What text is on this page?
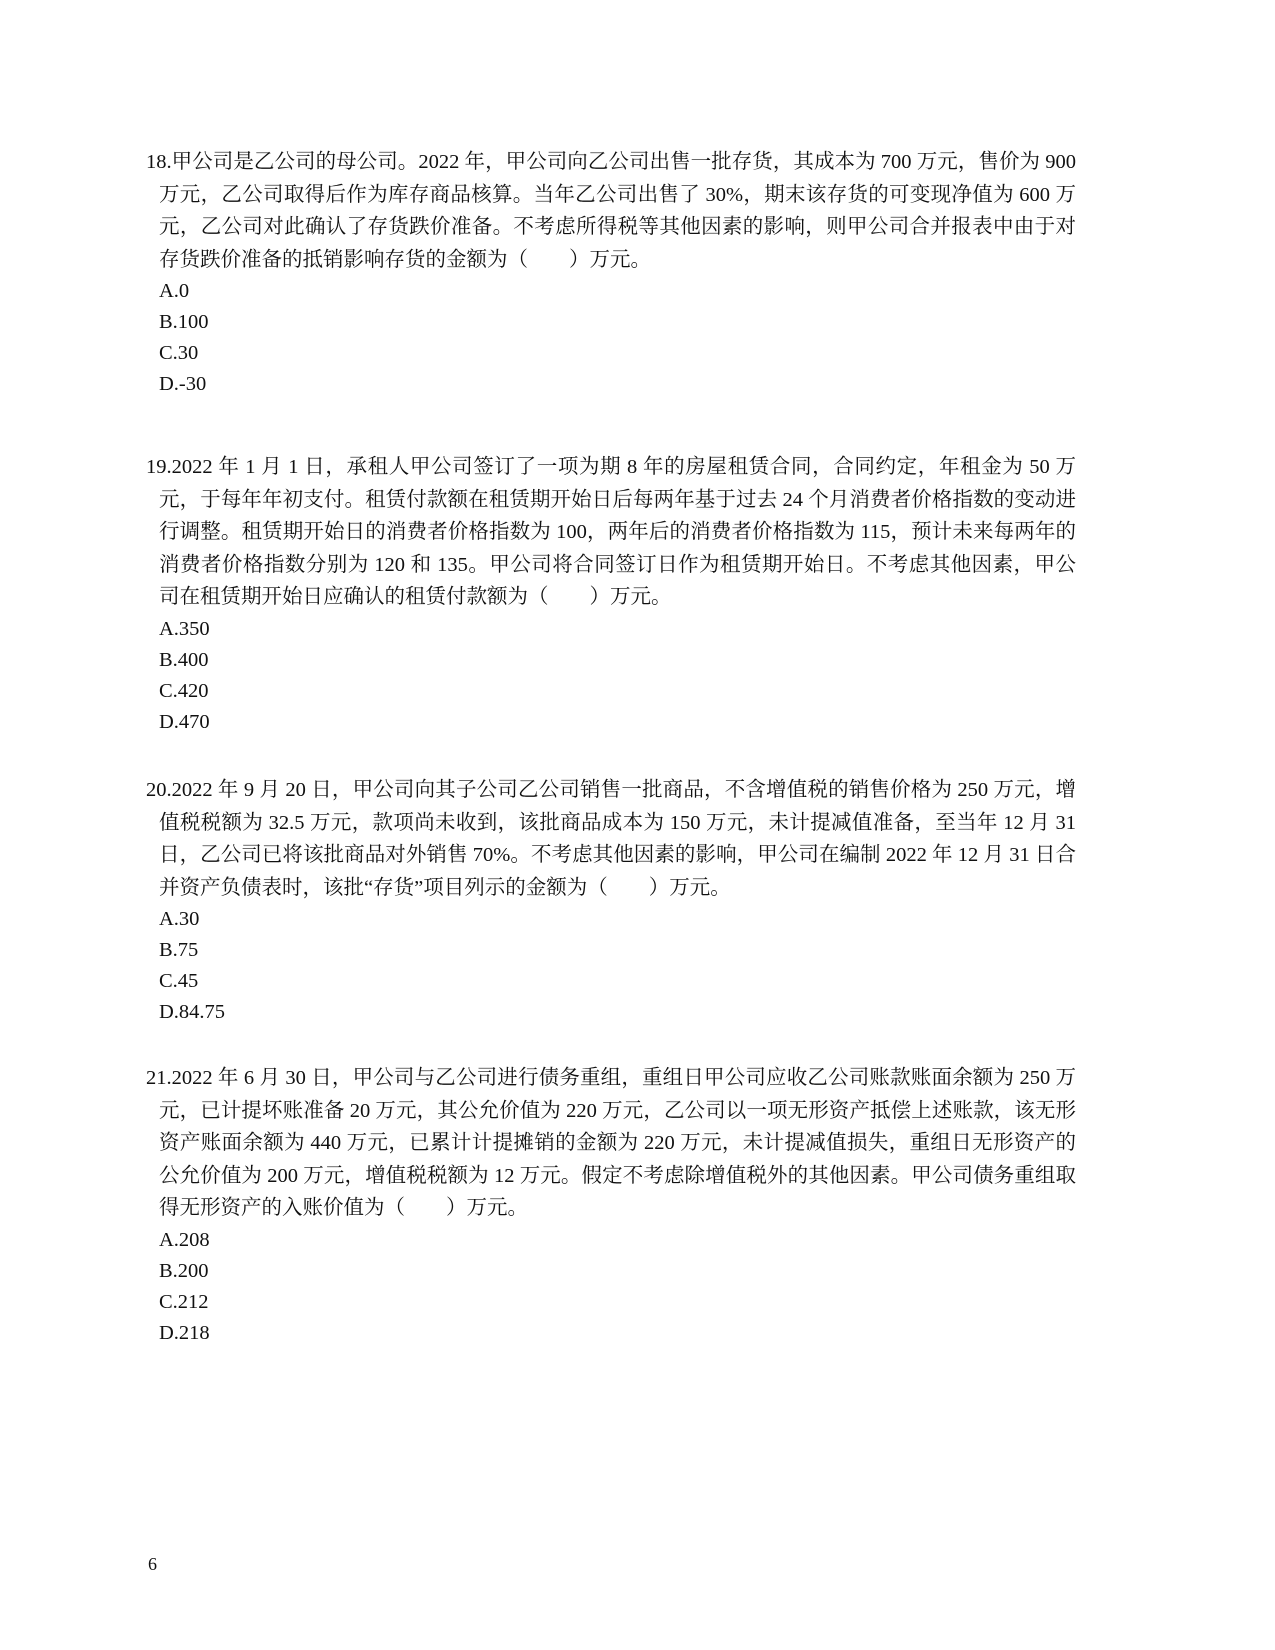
18.甲公司是乙公司的母公司。2022 年，甲公司向乙公司出售一批存货，其成本为 700 万元，售价为 900 万元，乙公司取得后作为库存商品核算。当年乙公司出售了 30%，期末该存货的可变现净值为 600 万元，乙公司对此确认了存货跌价准备。不考虑所得税等其他因素的影响，则甲公司合并报表中由于对存货跌价准备的抵销影响存货的金额为（　　）万元。

A.0
B.100
C.30
D.-30

19.2022 年 1 月 1 日，承租人甲公司签订了一项为期 8 年的房屋租赁合同，合同约定，年租金为 50 万元，于每年年初支付。租赁付款额在租赁期开始日后每两年基于过去 24 个月消费者价格指数的变动进行调整。租赁期开始日的消费者价格指数为 100，两年后的消费者价格指数为 115，预计未来每两年的消费者价格指数分别为 120 和 135。甲公司将合同签订日作为租赁期开始日。不考虑其他因素，甲公司在租赁期开始日应确认的租赁付款额为（　　）万元。

A.350
B.400
C.420
D.470

20.2022 年 9 月 20 日，甲公司向其子公司乙公司销售一批商品，不含增值税的销售价格为 250 万元，增值税税额为 32.5 万元，款项尚未收到，该批商品成本为 150 万元，未计提减值准备，至当年 12 月 31 日，乙公司已将该批商品对外销售 70%。不考虑其他因素的影响，甲公司在编制 2022 年 12 月 31 日合并资产负债表时，该批“存货”项目列示的金额为（　　）万元。

A.30
B.75
C.45
D.84.75

21.2022 年 6 月 30 日，甲公司与乙公司进行债务重组，重组日甲公司应收乙公司账款账面余额为 250 万元，已计提坏账准备 20 万元，其公允价值为 220 万元，乙公司以一项无形资产抵偿上述账款，该无形资产账面余额为 440 万元，已累计计提摊销的金额为 220 万元，未计提减值损失，重组日无形资产的公允价值为 200 万元，增值税税额为 12 万元。假定不考虑除增值税外的其他因素。甲公司债务重组取得无形资产的入账价值为（　　）万元。

A.208
B.200
C.212
D.218
6
